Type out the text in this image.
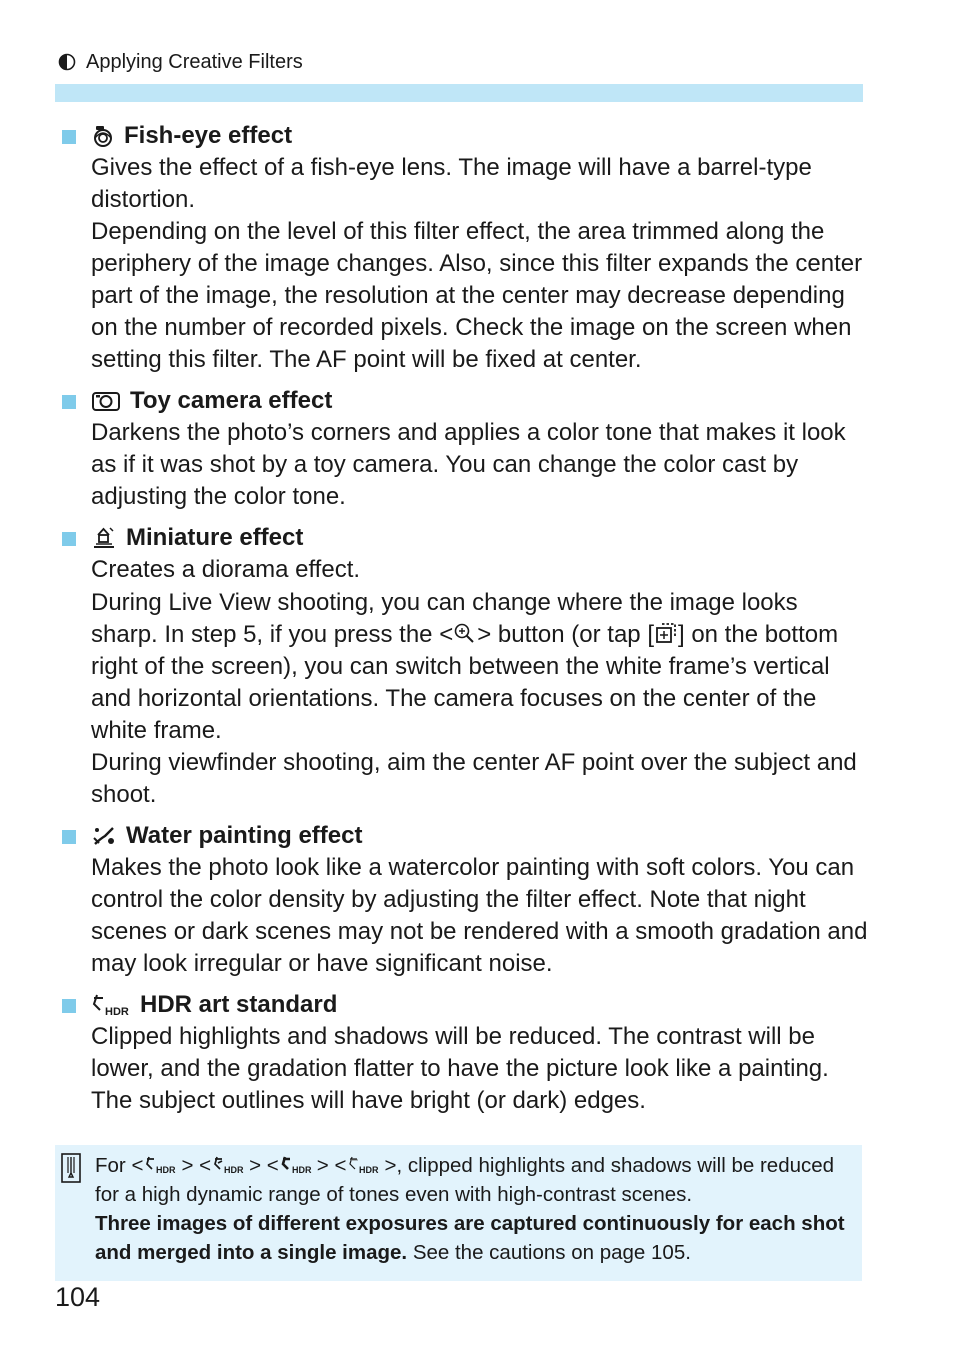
Applying Creative Filters
Fish-eye effect

Gives the effect of a fish-eye lens. The image will have a barrel-type distortion.

Depending on the level of this filter effect, the area trimmed along the periphery of the image changes. Also, since this filter expands the center part of the image, the resolution at the center may decrease depending on the number of recorded pixels. Check the image on the screen when setting this filter. The AF point will be fixed at center.

Toy camera effect

Darkens the photo’s corners and applies a color tone that makes it look as if it was shot by a toy camera. You can change the color cast by adjusting the color tone.

Miniature effect

Creates a diorama effect.

During Live View shooting, you can change where the image looks sharp. In step 5, if you press the < > button (or tap [ ] on the bottom right of the screen), you can switch between the white frame’s vertical and horizontal orientations. The camera focuses on the center of the white frame.

During viewfinder shooting, aim the center AF point over the subject and shoot.

Water painting effect

Makes the photo look like a watercolor painting with soft colors. You can control the color density by adjusting the filter effect. Note that night scenes or dark scenes may not be rendered with a smooth gradation and may look irregular or have significant noise.

HDR HDR art standard

Clipped highlights and shadows will be reduced. The contrast will be lower, and the gradation flatter to have the picture look like a painting. The subject outlines will have bright (or dark) edges.

For < HDR > < HDR > < HDR > < HDR >, clipped highlights and shadows will be reduced for a high dynamic range of tones even with high-contrast scenes.
Three images of different exposures are captured continuously for each shot and merged into a single image. See the cautions on page 105.
104
